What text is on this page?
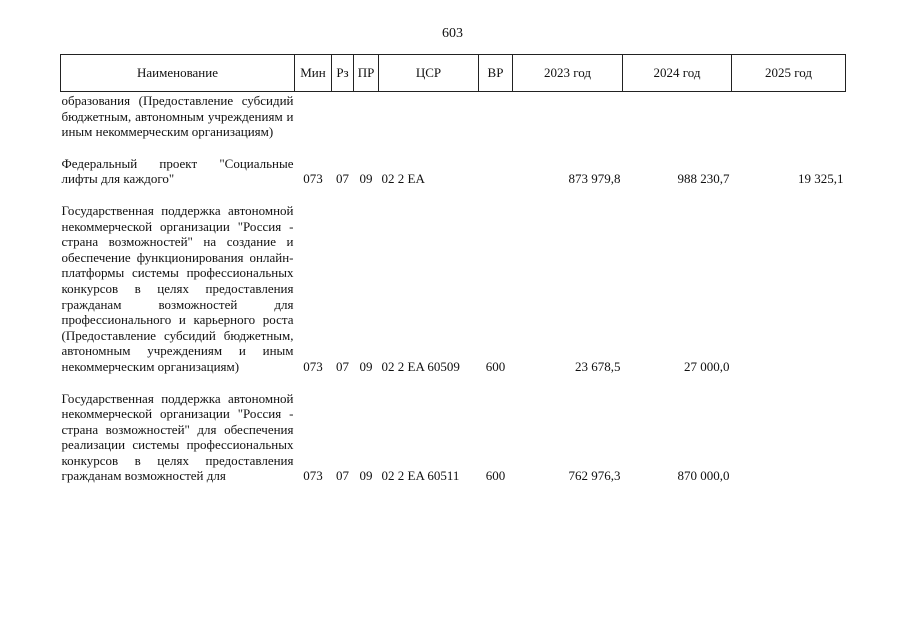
603
Наименование	Мин	Рз	ПР	ЦСР	ВР	2023 год	2024 год	2025 год
образования (Предоставление субсидий бюджетным, автономным учреждениям и иным некоммерческим организациям)								

Федеральный проект "Социальные лифты для каждого"	073	07	09	02 2 EA		873 979,8	988 230,7	19 325,1

Государственная поддержка автономной некоммерческой организации "Россия - страна возможностей" на создание и обеспечение функционирования онлайн-платформы системы профессиональных конкурсов в целях предоставления гражданам возможностей для профессионального и карьерного роста (Предоставление субсидий бюджетным, автономным учреждениям и иным некоммерческим организациям)	073	07	09	02 2 EA 60509	600	23 678,5	27 000,0	

Государственная поддержка автономной некоммерческой организации "Россия - страна возможностей" для обеспечения реализации системы профессиональных конкурсов в целях предоставления гражданам возможностей для	073	07	09	02 2 EA 60511	600	762 976,3	870 000,0	
